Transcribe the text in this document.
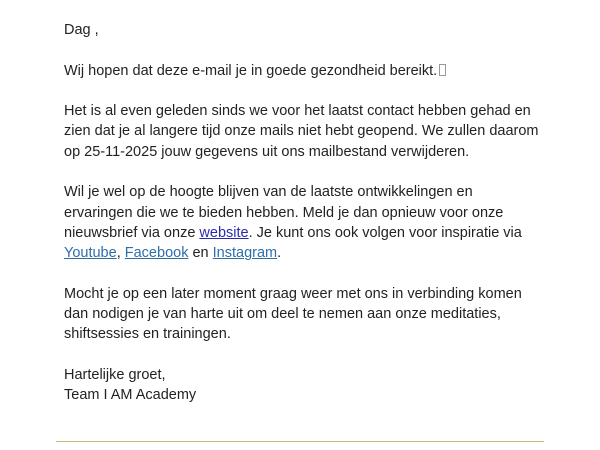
Dag ,

Wij hopen dat deze e-mail je in goede gezondheid bereikt.

Het is al even geleden sinds we voor het laatst contact hebben gehad en zien dat je al langere tijd onze mails niet hebt geopend. We zullen daarom op 25-11-2025 jouw gegevens uit ons mailbestand verwijderen.

Wil je wel op de hoogte blijven van de laatste ontwikkelingen en ervaringen die we te bieden hebben. Meld je dan opnieuw voor onze nieuwsbrief via onze website. Je kunt ons ook volgen voor inspiratie via Youtube, Facebook en Instagram.

Mocht je op een later moment graag weer met ons in verbinding komen dan nodigen je van harte uit om deel te nemen aan onze meditaties, shiftsessies en trainingen.

Hartelijke groet,
Team I AM Academy
